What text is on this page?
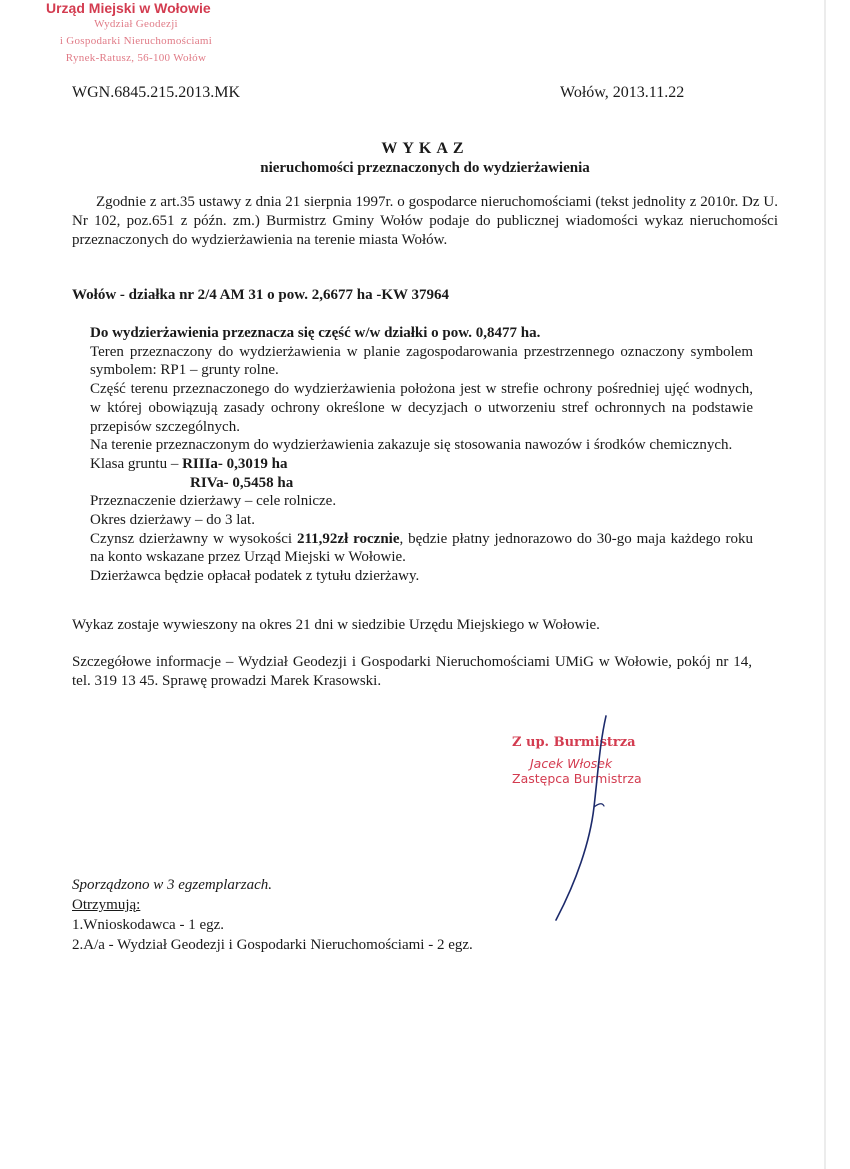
Urząd Miejski w Wołowie
Wydział Geodezji
i Gospodarki Nieruchomościami
Rynek-Ratusz, 56-100 Wołów
WGN.6845.215.2013.MK	Wołów, 2013.11.22
WYKAZ
nieruchomości przeznaczonych do wydzierżawienia
Zgodnie z art.35 ustawy z dnia 21 sierpnia 1997r. o gospodarce nieruchomościami (tekst jednolity z 2010r. Dz U. Nr 102, poz.651 z późn. zm.) Burmistrz Gminy Wołów podaje do publicznej wiadomości wykaz nieruchomości przeznaczonych do wydzierżawienia na terenie miasta Wołów.
Wołów - działka nr 2/4 AM 31 o pow. 2,6677 ha -KW 37964

Do wydzierżawienia przeznacza się część w/w działki o pow. 0,8477 ha.

Teren przeznaczony do wydzierżawienia w planie zagospodarowania przestrzennego oznaczony symbolem symbolem: RP1 – grunty rolne.

Część terenu przeznaczonego do wydzierżawienia położona jest w strefie ochrony pośredniej ujęć wodnych, w której obowiązują zasady ochrony określone w decyzjach o utworzeniu stref ochronnych na podstawie przepisów szczególnych.

Na terenie przeznaczonym do wydzierżawienia zakazuje się stosowania nawozów i środków chemicznych.

Klasa gruntu – RIIIa- 0,3019 ha

RIVa- 0,5458 ha

Przeznaczenie dzierżawy – cele rolnicze.

Okres dzierżawy – do 3 lat.

Czynsz dzierżawny w wysokości 211,92zł rocznie, będzie płatny jednorazowo do 30-go maja każdego roku na konto wskazane przez Urząd Miejski w Wołowie.

Dzierżawca będzie opłacał podatek z tytułu dzierżawy.

Wykaz zostaje wywieszony na okres 21 dni w siedzibie Urzędu Miejskiego w Wołowie.
Szczegółowe informacje – Wydział Geodezji i Gospodarki Nieruchomościami UMiG w Wołowie, pokój nr 14, tel. 319 13 45. Sprawę prowadzi Marek Krasowski.
Z up. Burmistrza
Jacek Włosek
Zastępca Burmistrza
Sporządzono w 3 egzemplarzach.
Otrzymują:
1.Wnioskodawca - 1 egz.
2.A/a - Wydział Geodezji i Gospodarki Nieruchomościami - 2 egz.
